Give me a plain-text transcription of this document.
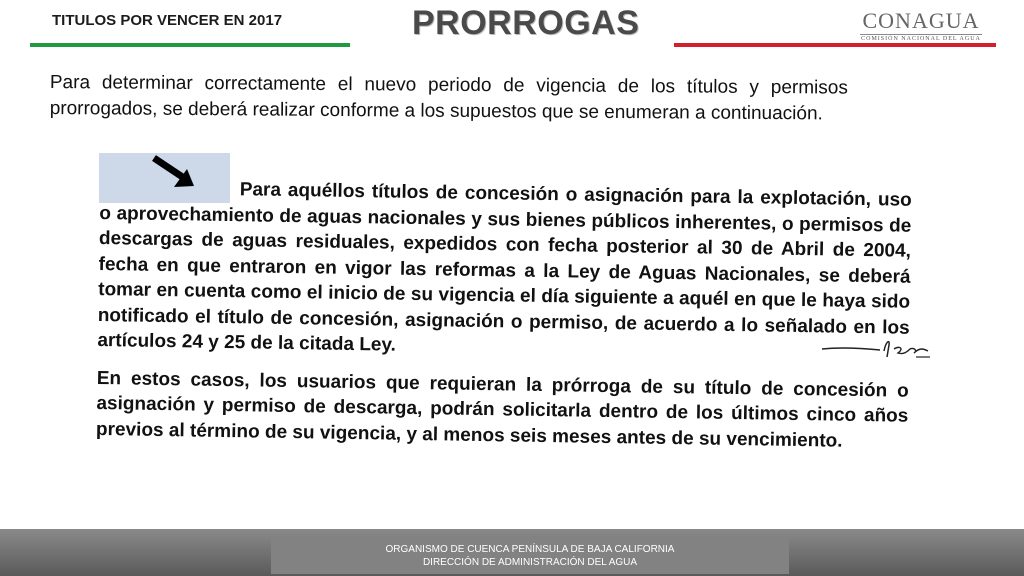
TITULOS POR VENCER EN 2017	PRORROGAS	CONAGUA
COMISIÓN NACIONAL DEL AGUA
Para determinar correctamente el nuevo periodo de vigencia de los títulos y permisos prorrogados, se deberá realizar conforme a los supuestos que se enumeran a continuación.

Para aquéllos títulos de concesión o asignación para la explotación, uso o aprovechamiento de aguas nacionales y sus bienes públicos inherentes, o permisos de descargas de aguas residuales, expedidos con fecha posterior al 30 de Abril de 2004, fecha en que entraron en vigor las reformas a la Ley de Aguas Nacionales, se deberá tomar en cuenta como el inicio de su vigencia el día siguiente a aquél en que le haya sido notificado el título de concesión, asignación o permiso, de acuerdo a lo señalado en los artículos 24 y 25 de la citada Ley.

En estos casos, los usuarios que requieran la prórroga de su título de concesión o asignación y permiso de descarga, podrán solicitarla dentro de los últimos cinco años previos al término de su vigencia, y al menos seis meses antes de su vencimiento.

ORGANISMO DE CUENCA PENÍNSULA DE BAJA CALIFORNIA
DIRECCIÓN DE ADMINISTRACIÓN DEL AGUA
